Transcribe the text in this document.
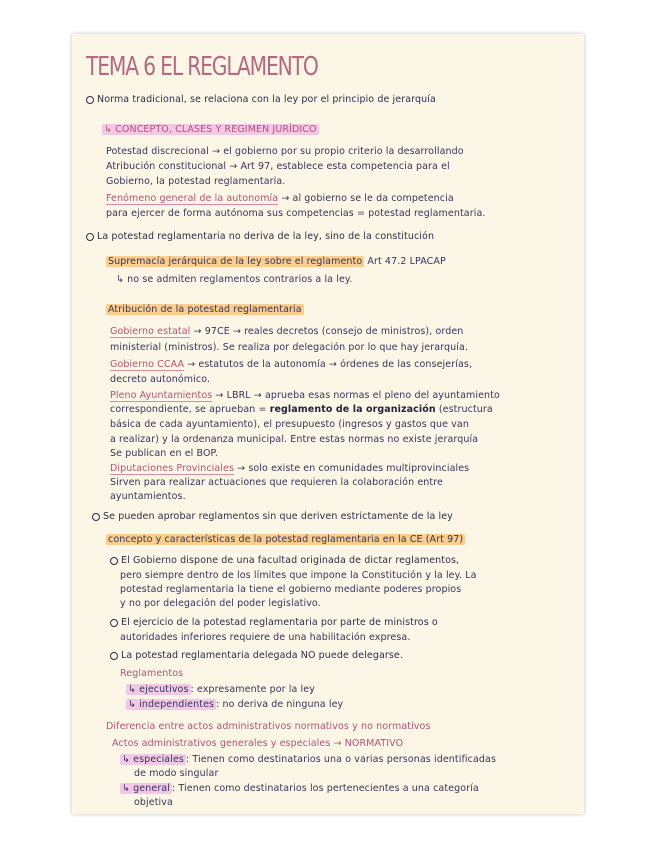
TEMA 6 EL REGLAMENTO
Norma tradicional, se relaciona con la ley por el principio de jerarquía
↳ CONCEPTO, CLASES Y REGIMEN JURÍDICO
Potestad discrecional → el gobierno por su propio criterio la desarrollando
Atribución constitucional → Art 97, establece esta competencia para el
Gobierno, la potestad reglamentaria.
Fenómeno general de la autonomía → al gobierno se le da competencia
para ejercer de forma autónoma sus competencias = potestad reglamentaria.
La potestad reglamentaria no deriva de la ley, sino de la constitución
Supremacía jerárquica de la ley sobre el reglamento Art 47.2 LPACAP
↳ no se admiten reglamentos contrarios a la ley.
Atribución de la potestad reglamentaria
Gobierno estatal → 97CE → reales decretos (consejo de ministros), orden
ministerial (ministros). Se realiza por delegación por lo que hay jerarquía.
Gobierno CCAA → estatutos de la autonomía → órdenes de las consejerías,
decreto autonómico.
Pleno Ayuntamientos → LBRL → aprueba esas normas el pleno del ayuntamiento
correspondiente, se aprueban = reglamento de la organización (estructura
básica de cada ayuntamiento), el presupuesto (ingresos y gastos que van
a realizar) y la ordenanza municipal. Entre estas normas no existe jerarquía
Se publican en el BOP.
Diputaciones Provinciales → solo existe en comunidades multiprovinciales
Sirven para realizar actuaciones que requieren la colaboración entre
ayuntamientos.
Se pueden aprobar reglamentos sin que deriven estrictamente de la ley
concepto y características de la potestad reglamentaria en la CE (Art 97)
El Gobierno dispone de una facultad originada de dictar reglamentos,
pero siempre dentro de los límites que impone la Constitución y la ley. La
potestad reglamentaria la tiene el gobierno mediante poderes propios
y no por delegación del poder legislativo.
El ejercicio de la potestad reglamentaria por parte de ministros o
autoridades inferiores requiere de una habilitación expresa.
La potestad reglamentaria delegada NO puede delegarse.
Reglamentos
↳ ejecutivos : expresamente por la ley
↳ independientes : no deriva de ninguna ley
Diferencia entre actos administrativos normativos y no normativos
Actos administrativos generales y especiales → NORMATIVO
↳ especiales : Tienen como destinatarios una o varias personas identificadas
de modo singular
↳ general : Tienen como destinatarios los pertenecientes a una categoría
objetiva
